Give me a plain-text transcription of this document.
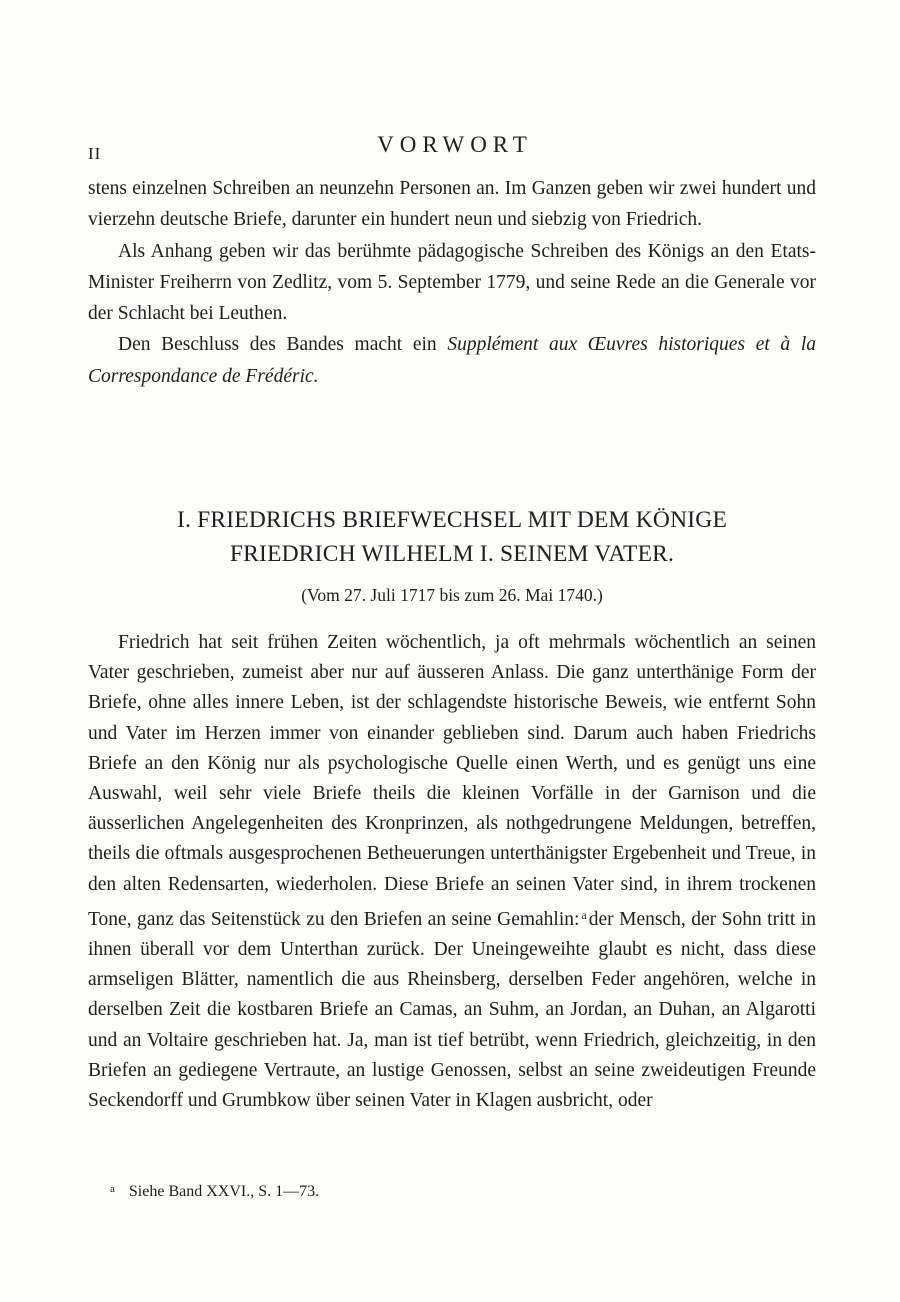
II	VORWORT

stens einzelnen Schreiben an neunzehn Personen an. Im Ganzen geben wir zwei hundert und vierzehn deutsche Briefe, darunter ein hundert neun und siebzig von Friedrich.

Als Anhang geben wir das berühmte pädagogische Schreiben des Königs an den Etats-Minister Freiherrn von Zedlitz, vom 5. September 1779, und seine Rede an die Generale vor der Schlacht bei Leuthen.

Den Beschluss des Bandes macht ein Supplément aux Œuvres historiques et à la Correspondance de Frédéric.

I. FRIEDRICHS BRIEFWECHSEL MIT DEM KÖNIGE

FRIEDRICH WILHELM I. SEINEM VATER.

(Vom 27. Juli 1717 bis zum 26. Mai 1740.)

Friedrich hat seit frühen Zeiten wöchentlich, ja oft mehrmals wöchentlich an seinen Vater geschrieben, zumeist aber nur auf äusseren Anlass. Die ganz unterthänige Form der Briefe, ohne alles innere Leben, ist der schlagendste historische Beweis, wie entfernt Sohn und Vater im Herzen immer von einander geblieben sind. Darum auch haben Friedrichs Briefe an den König nur als psychologische Quelle einen Werth, und es genügt uns eine Auswahl, weil sehr viele Briefe theils die kleinen Vorfälle in der Garnison und die äusserlichen Angelegenheiten des Kronprinzen, als nothgedrungene Meldungen, betreffen, theils die oftmals ausgesprochenen Betheuerungen unterthänigster Ergebenheit und Treue, in den alten Redensarten, wiederholen. Diese Briefe an seinen Vater sind, in ihrem trockenen Tone, ganz das Seitenstück zu den Briefen an seine Gemahlin: $^a$ der Mensch, der Sohn tritt in ihnen überall vor dem Unterthan zurück. Der Uneingeweihte glaubt es nicht, dass diese armseligen Blätter, namentlich die aus Rheinsberg, derselben Feder angehören, welche in derselben Zeit die kostbaren Briefe an Camas, an Suhm, an Jordan, an Duhan, an Algarotti und an Voltaire geschrieben hat. Ja, man ist tief betrübt, wenn Friedrich, gleichzeitig, in den Briefen an gediegene Vertraute, an lustige Genossen, selbst an seine zweideutigen Freunde Seckendorff und Grumbkow über seinen Vater in Klagen ausbricht, oder

$^a$ Siehe Band XXVI., S. 1—73.
